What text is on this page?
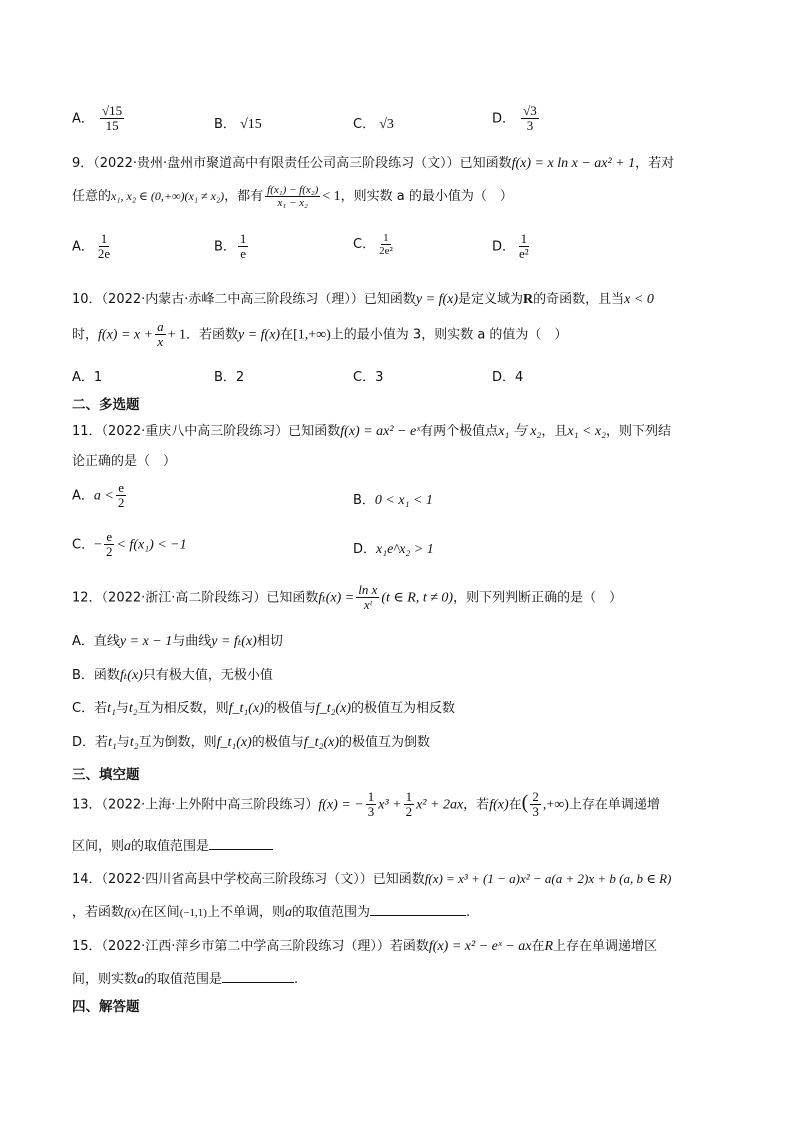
A． $\frac{√15}{15}$	B． √15	C． √3	D． $\frac{√3}{3}$
9．（2022·贵州·盘州市聚道高中有限责任公司高三阶段练习（文））已知函数f(x) = x ln x − ax² + 1，若对
任意的x₁, x₂ ∈ (0,+∞)(x₁ ≠ x₂)，都有 $\frac{\text{f(x₁) − f(x₂)}}{\text{x₁ − x₂}} < 1$，则实数 a 的最小值为（　）
A． $\frac{1}{2e}$	B． $\frac{1}{e}$	C． $\frac{1}{\text{2e²}}$	D． $\frac{1}{\text{e²}}$
10．（2022·内蒙古·赤峰二中高三阶段练习（理））已知函数y = f(x)是定义域为R的奇函数，且当x < 0
时，$f(x) = x + \frac{a}{x} + 1$．若函数y = f(x)在[1,+∞)上的最小值为 3，则实数 a 的值为（　）
A．1	B．2	C．3	D．4
二、多选题
11．（2022·重庆八中高三阶段练习）已知函数f(x) = ax² − eˣ有两个极值点x₁ 与 x₂，且x₁ < x₂，则下列结
论正确的是（　）
A．$a < \frac{e}{2}$	B．0 < x₁ < 1
C．− $\frac{e}{2} < f(x_1) < -1$	D．x₁e^x₂ > 1
12．（2022·浙江·高二阶段练习）已知函数$f_t(x) = \frac{\text{ln x}}{\text{xᵗ}} (t$ ∈ R, t ≠ 0)，则下列判断正确的是（　）
A．直线y = x − 1与曲线y = fₜ(x)相切
B．函数fₜ(x)只有极大值，无极小值
C．若t₁与t₂互为相反数，则f_t₁(x)的极值与f_t₂(x)的极值互为相反数
D．若t₁与t₂互为倒数，则f_t₁(x)的极值与f_t₂(x)的极值互为倒数
三、填空题
13．（2022·上海·上外附中高三阶段练习）f(x) = − $\frac{1}{3} x^3 + \frac{1}{2} x^2 + 2ax$，若f(x)在( $\frac{2}{3}$ ,+∞)上存在单调递增
区间，则a的取值范围是
14．（2022·四川省高县中学校高三阶段练习（文））已知函数f(x) = x³ + (1 − a)x² − a(a + 2)x + b (a, b ∈ R)
，若函数f(x)在区间(−1,1)上不单调，则a的取值范围为	.
15．（2022·江西·萍乡市第二中学高三阶段练习（理））若函数f(x) = x² − eˣ − ax在R上存在单调递增区
间，则实数a的取值范围是	.
四、解答题
